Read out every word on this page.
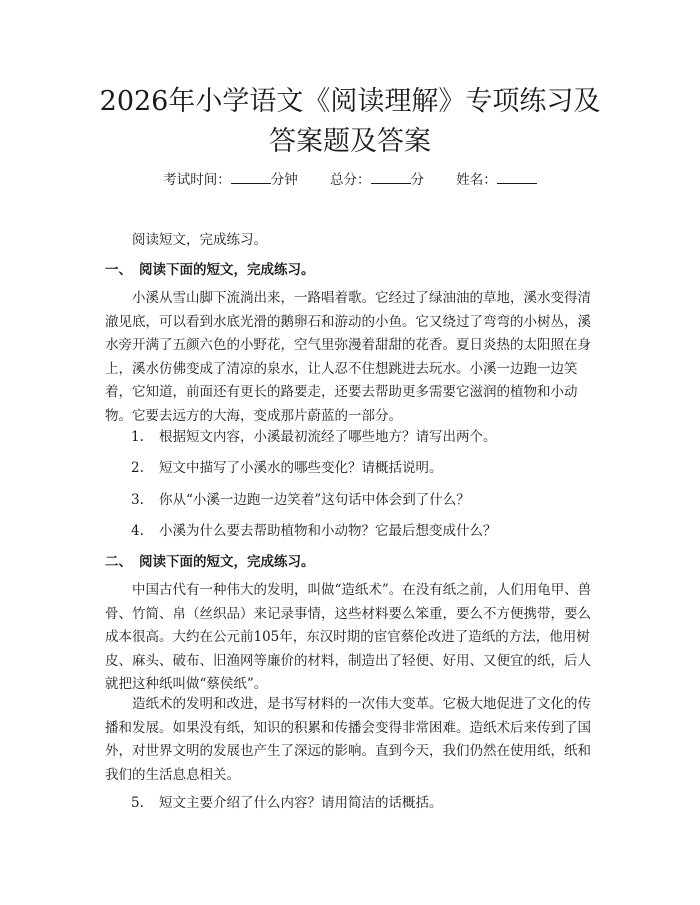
2026年小学语文《阅读理解》专项练习及答案题及答案
考试时间：	分钟 总分：	分 姓名：

阅读短文，完成练习。

一、 阅读下面的短文，完成练习。

小溪从雪山脚下流淌出来，一路唱着歌。它经过了绿油油的草地，溪水变得清澈见底，可以看到水底光滑的鹅卵石和游动的小鱼。它又绕过了弯弯的小树丛，溪水旁开满了五颜六色的小野花，空气里弥漫着甜甜的花香。夏日炎热的太阳照在身上，溪水仿佛变成了清凉的泉水，让人忍不住想跳进去玩水。小溪一边跑一边笑着，它知道，前面还有更长的路要走，还要去帮助更多需要它滋润的植物和小动物。它要去远方的大海，变成那片蔚蓝的一部分。

1. 根据短文内容，小溪最初流经了哪些地方？请写出两个。
2. 短文中描写了小溪水的哪些变化？请概括说明。
3. 你从“小溪一边跑一边笑着”这句话中体会到了什么？
4. 小溪为什么要去帮助植物和小动物？它最后想变成什么？
二、 阅读下面的短文，完成练习。

中国古代有一种伟大的发明，叫做“造纸术”。在没有纸之前，人们用龟甲、兽骨、竹简、帛（丝织品）来记录事情，这些材料要么笨重，要么不方便携带，要么成本很高。大约在公元前105年，东汉时期的宦官蔡伦改进了造纸的方法，他用树皮、麻头、破布、旧渔网等廉价的材料，制造出了轻便、好用、又便宜的纸，后人就把这种纸叫做“蔡侯纸”。

造纸术的发明和改进，是书写材料的一次伟大变革。它极大地促进了文化的传播和发展。如果没有纸，知识的积累和传播会变得非常困难。造纸术后来传到了国外，对世界文明的发展也产生了深远的影响。直到今天，我们仍然在使用纸，纸和我们的生活息息相关。

5. 短文主要介绍了什么内容？请用简洁的话概括。
